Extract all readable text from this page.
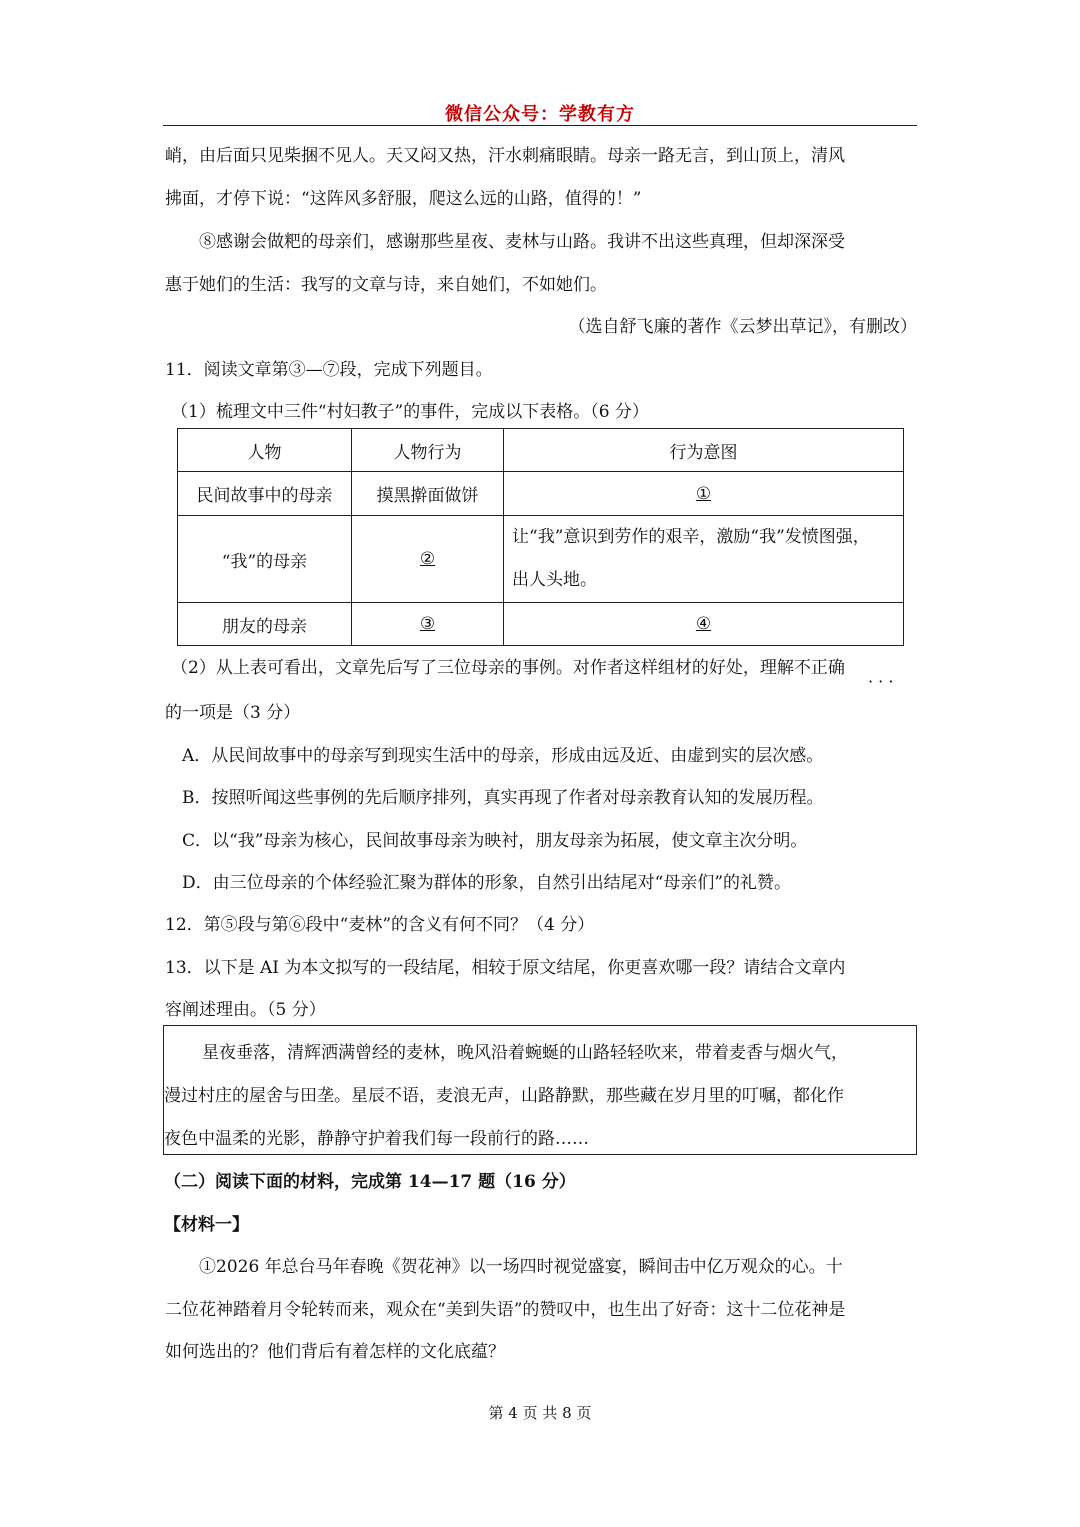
微信公众号：学教有方
峭，由后面只见柴捆不见人。天又闷又热，汗水刺痛眼睛。母亲一路无言，到山顶上，清风
拂面，才停下说：“这阵风多舒服，爬这么远的山路，值得的！”
⑧感谢会做粑的母亲们，感谢那些星夜、麦林与山路。我讲不出这些真理，但却深深受
惠于她们的生活：我写的文章与诗，来自她们，不如她们。
（选自舒飞廉的著作《云梦出草记》，有删改）
11．阅读文章第③—⑦段，完成下列题目。
（1）梳理文中三件“村妇教子”的事件，完成以下表格。（6 分）
人物	人物行为	行为意图
民间故事中的母亲	摸黑擀面做饼	①
“我”的母亲	②	让“我”意识到劳作的艰辛，激励“我”发愤图强，
出人头地。

朋友的母亲	③	④
（2）从上表可看出，文章先后写了三位母亲的事例。对作者这样组材的好处，理解不正确
· · ·
的一项是（3 分）
A．从民间故事中的母亲写到现实生活中的母亲，形成由远及近、由虚到实的层次感。
B．按照听闻这些事例的先后顺序排列，真实再现了作者对母亲教育认知的发展历程。
C．以“我”母亲为核心，民间故事母亲为映衬，朋友母亲为拓展，使文章主次分明。
D．由三位母亲的个体经验汇聚为群体的形象，自然引出结尾对“母亲们”的礼赞。
12．第⑤段与第⑥段中“麦林”的含义有何不同？（4 分）
13．以下是 AI 为本文拟写的一段结尾，相较于原文结尾，你更喜欢哪一段？请结合文章内
容阐述理由。（5 分）
星夜垂落，清辉洒满曾经的麦林，晚风沿着蜿蜒的山路轻轻吹来，带着麦香与烟火气，
漫过村庄的屋舍与田垄。星辰不语，麦浪无声，山路静默，那些藏在岁月里的叮嘱，都化作
夜色中温柔的光影，静静守护着我们每一段前行的路……
（二）阅读下面的材料，完成第 14—17 题（16 分）
【材料一】
①2026 年总台马年春晚《贺花神》以一场四时视觉盛宴，瞬间击中亿万观众的心。十
二位花神踏着月令轮转而来，观众在“美到失语”的赞叹中，也生出了好奇：这十二位花神是
如何选出的？他们背后有着怎样的文化底蕴？
第 4 页 共 8 页
